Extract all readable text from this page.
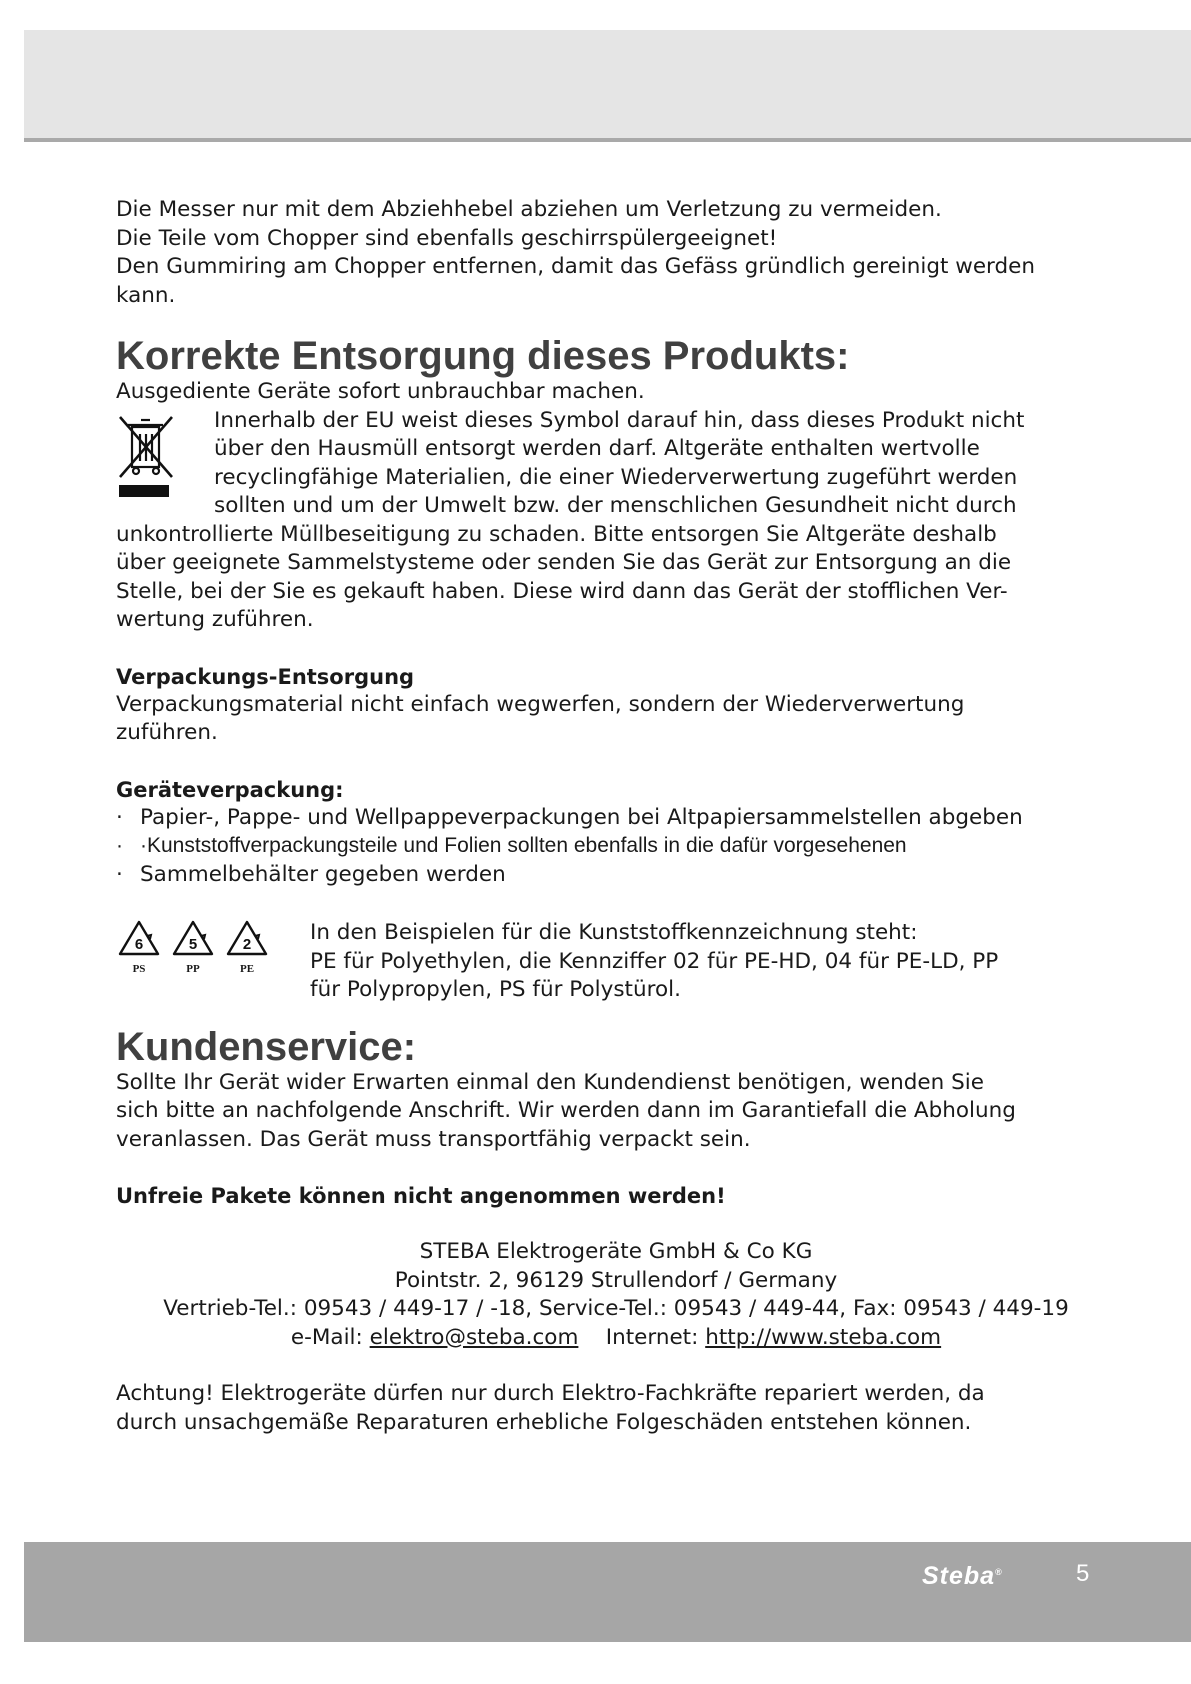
Die Messer nur mit dem Abziehhebel abziehen um Verletzung zu vermeiden.
Die Teile vom Chopper sind ebenfalls geschirrspülergeeignet!
Den Gummiring am Chopper entfernen, damit das Gefäss gründlich gereinigt werden
kann.
Korrekte Entsorgung dieses Produkts:
Ausgediente Geräte sofort unbrauchbar machen.
Innerhalb der EU weist dieses Symbol darauf hin, dass dieses Produkt nicht
über den Hausmüll entsorgt werden darf. Altgeräte enthalten wertvolle
recyclingfähige Materialien, die einer Wiederverwertung zugeführt werden
sollten und um der Umwelt bzw. der menschlichen Gesundheit nicht durch
unkontrollierte Müllbeseitigung zu schaden. Bitte entsorgen Sie Altgeräte deshalb
über geeignete Sammelstysteme oder senden Sie das Gerät zur Entsorgung an die
Stelle, bei der Sie es gekauft haben. Diese wird dann das Gerät der stofflichen Ver-
wertung zuführen.
Verpackungs-Entsorgung
Verpackungsmaterial nicht einfach wegwerfen, sondern der Wiederverwertung
zuführen.
Geräteverpackung:
· Papier-, Pappe- und Wellpappeverpackungen bei Altpapiersammelstellen abgeben
· ·Kunststoffverpackungsteile und Folien sollten ebenfalls in die dafür vorgesehenen
· Sammelbehälter gegeben werden
6
PS
5
PP
2
PE
In den Beispielen für die Kunststoffkennzeichnung steht:
PE für Polyethylen, die Kennziffer 02 für PE-HD, 04 für PE-LD, PP
für Polypropylen, PS für Polystürol.
Kundenservice:
Sollte Ihr Gerät wider Erwarten einmal den Kundendienst benötigen, wenden Sie
sich bitte an nachfolgende Anschrift. Wir werden dann im Garantiefall die Abholung
veranlassen. Das Gerät muss transportfähig verpackt sein.
Unfreie Pakete können nicht angenommen werden!
STEBA Elektrogeräte GmbH & Co KG
Pointstr. 2, 96129 Strullendorf / Germany
Vertrieb-Tel.: 09543 / 449-17 / -18, Service-Tel.: 09543 / 449-44, Fax: 09543 / 449-19
e-Mail: elektro@steba.com Internet: http://www.steba.com
Achtung! Elektrogeräte dürfen nur durch Elektro-Fachkräfte repariert werden, da
durch unsachgemäße Reparaturen erhebliche Folgeschäden entstehen können.
Steba ®	5
